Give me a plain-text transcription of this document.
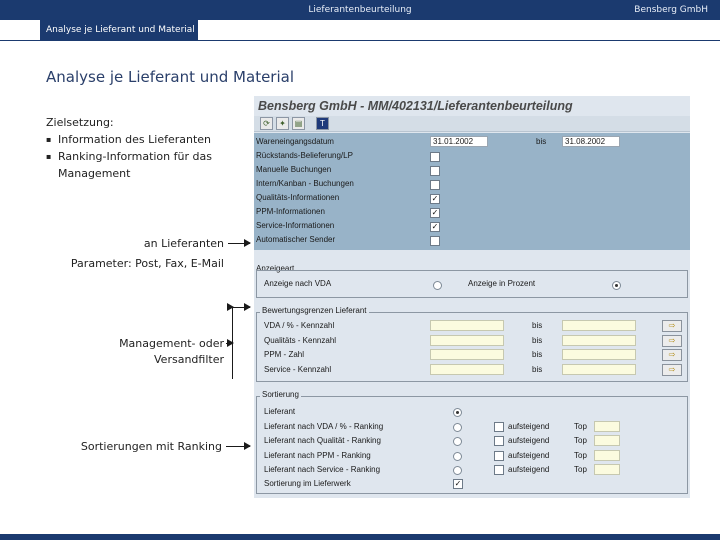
Lieferantenbeurteilung	Bensberg GmbH
Analyse je Lieferant und Material
Analyse je Lieferant und Material
Zielsetzung:
▪ Information des Lieferanten
▪ Ranking-Information für das Management
an Lieferanten
Parameter: Post, Fax, E-Mail
Management- oder
Versandfilter
Sortierungen mit Ranking
Bensberg GmbH - MM/402131/Lieferantenbeurteilung
⟳	✦	▤	T
Wareneingangsdatum	31.01.2002	bis	31.08.2002
Rückstands-Belieferung/LP
Manuelle Buchungen
Intern/Kanban - Buchungen
Qualitäts-Informationen	✓
PPM-Informationen	✓
Service-Informationen	✓
Automatischer Sender
Anzeigeart
Anzeige nach VDA	Anzeige in Prozent
Bewertungsgrenzen Lieferant
VDA / % - Kennzahl	bis	⇨
Qualitäts - Kennzahl	bis	⇨
PPM - Zahl	bis	⇨
Service - Kennzahl	bis	⇨
Sortierung
Lieferant
Lieferant nach VDA / % - Ranking	aufsteigend	Top
Lieferant nach Qualität - Ranking	aufsteigend	Top
Lieferant nach PPM - Ranking	aufsteigend	Top
Lieferant nach Service - Ranking	aufsteigend	Top
Sortierung im Lieferwerk	✓
